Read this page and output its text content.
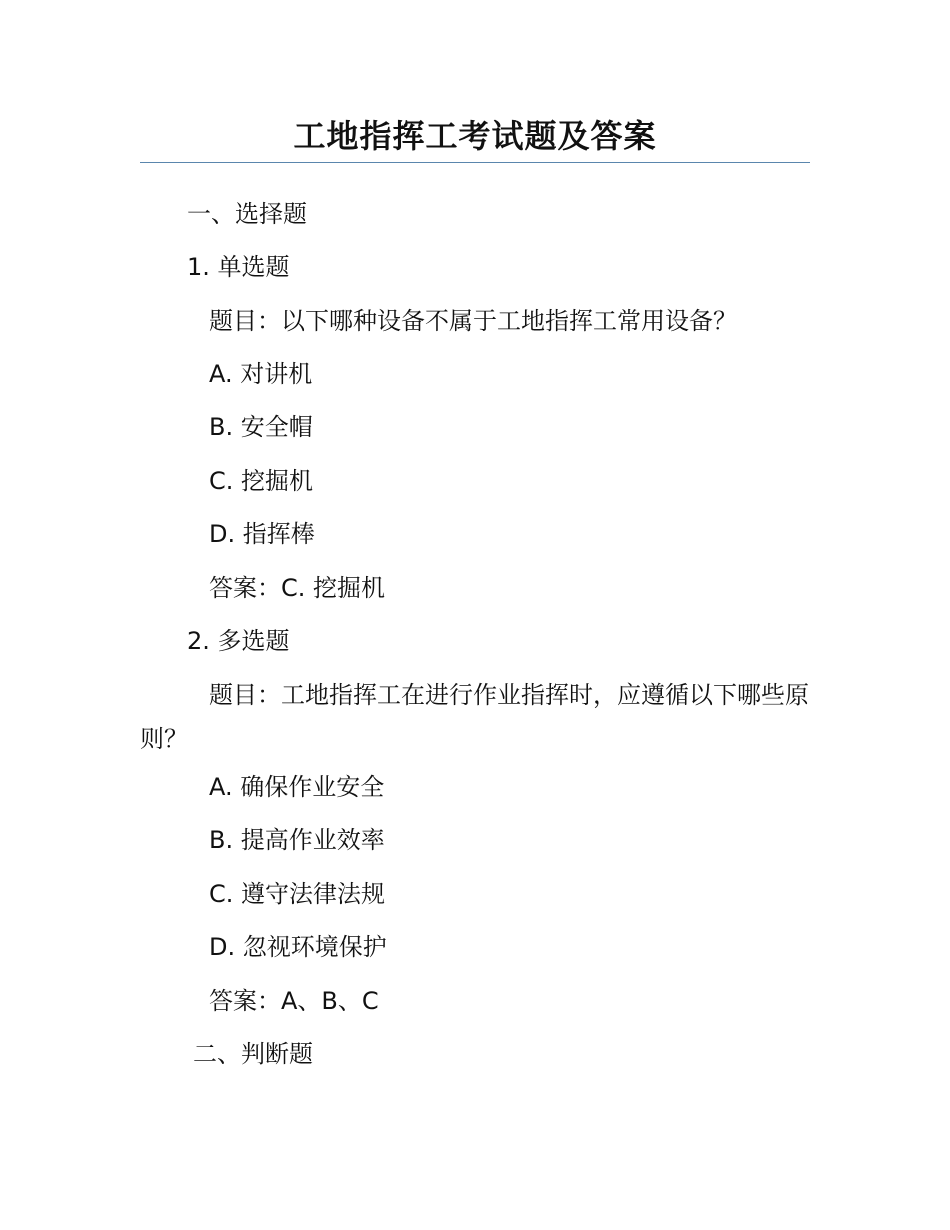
工地指挥工考试题及答案
一、选择题
1. 单选题
题目：以下哪种设备不属于工地指挥工常用设备？
A. 对讲机
B. 安全帽
C. 挖掘机
D. 指挥棒
答案：C. 挖掘机
2. 多选题
题目：工地指挥工在进行作业指挥时，应遵循以下哪些原则？
A. 确保作业安全
B. 提高作业效率
C. 遵守法律法规
D. 忽视环境保护
答案：A、B、C
二、判断题
